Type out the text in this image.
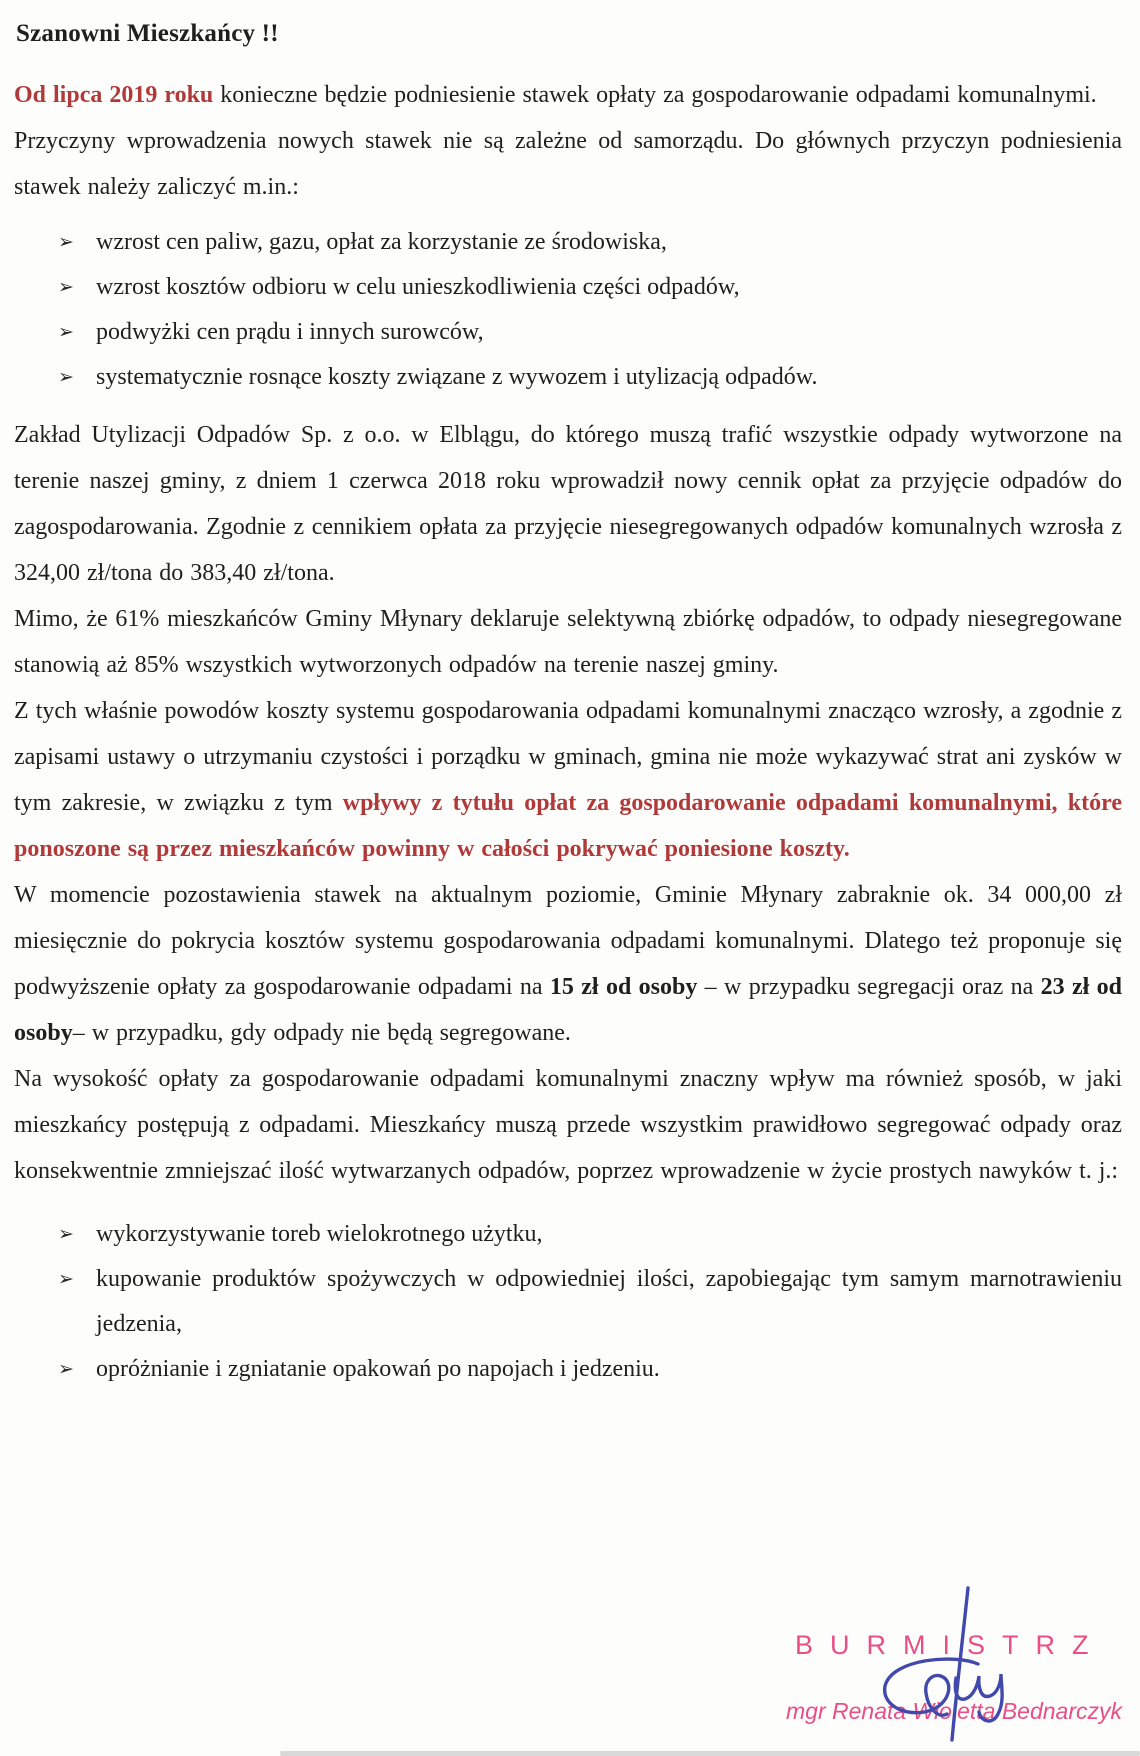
Szanowni Mieszkańcy !!

Od lipca 2019 roku konieczne będzie podniesienie stawek opłaty za gospodarowanie odpadami komunalnymi.

Przyczyny wprowadzenia nowych stawek nie są zależne od samorządu. Do głównych przyczyn podniesienia stawek należy zaliczyć m.in.:

➢ wzrost cen paliw, gazu, opłat za korzystanie ze środowiska,
➢ wzrost kosztów odbioru w celu unieszkodliwienia części odpadów,
➢ podwyżki cen prądu i innych surowców,
➢ systematycznie rosnące koszty związane z wywozem i utylizacją odpadów.

Zakład Utylizacji Odpadów Sp. z o.o. w Elblągu, do którego muszą trafić wszystkie odpady wytworzone na terenie naszej gminy, z dniem 1 czerwca 2018 roku wprowadził nowy cennik opłat za przyjęcie odpadów do zagospodarowania. Zgodnie z cennikiem opłata za przyjęcie niesegregowanych odpadów komunalnych wzrosła z 324,00 zł/tona do 383,40 zł/tona.

Mimo, że 61% mieszkańców Gminy Młynary deklaruje selektywną zbiórkę odpadów, to odpady niesegregowane stanowią aż 85% wszystkich wytworzonych odpadów na terenie naszej gminy.

Z tych właśnie powodów koszty systemu gospodarowania odpadami komunalnymi znacząco wzrosły, a zgodnie z zapisami ustawy o utrzymaniu czystości i porządku w gminach, gmina nie może wykazywać strat ani zysków w tym zakresie, w związku z tym wpływy z tytułu opłat za gospodarowanie odpadami komunalnymi, które ponoszone są przez mieszkańców powinny w całości pokrywać poniesione koszty.

W momencie pozostawienia stawek na aktualnym poziomie, Gminie Młynary zabraknie ok. 34 000,00 zł miesięcznie do pokrycia kosztów systemu gospodarowania odpadami komunalnymi. Dlatego też proponuje się podwyższenie opłaty za gospodarowanie odpadami na 15 zł od osoby – w przypadku segregacji oraz na 23 zł od osoby– w przypadku, gdy odpady nie będą segregowane.

Na wysokość opłaty za gospodarowanie odpadami komunalnymi znaczny wpływ ma również sposób, w jaki mieszkańcy postępują z odpadami. Mieszkańcy muszą przede wszystkim prawidłowo segregować odpady oraz konsekwentnie zmniejszać ilość wytwarzanych odpadów, poprzez wprowadzenie w życie prostych nawyków t. j.:

➢ wykorzystywanie toreb wielokrotnego użytku,
➢ kupowanie produktów spożywczych w odpowiedniej ilości, zapobiegając tym samym marnotrawieniu jedzenia,
➢ opróżnianie i zgniatanie opakowań po napojach i jedzeniu.
BURMISTRZ
mgr Renata Wioletta Bednarczyk
